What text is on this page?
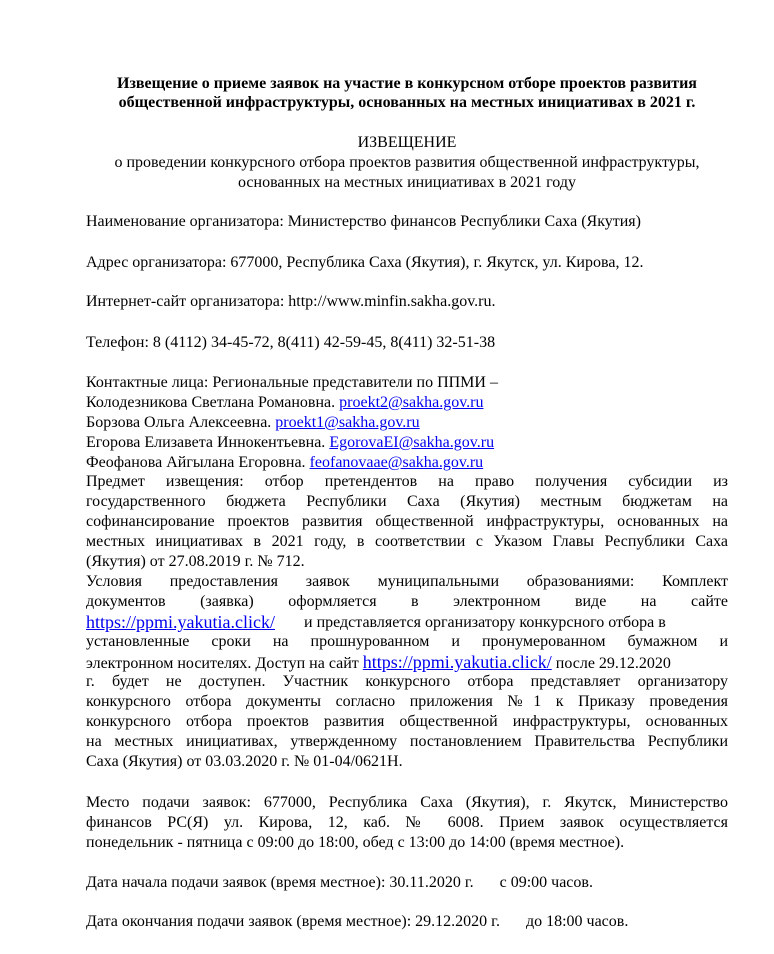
Извещение о приеме заявок на участие в конкурсном отборе проектов развития
общественной инфраструктуры, основанных на местных инициативах в 2021 г.
ИЗВЕЩЕНИЕ
о проведении конкурсного отбора проектов развития общественной инфраструктуры,
основанных на местных инициативах в 2021 году
Наименование организатора: Министерство финансов Республики Саха (Якутия)
Адрес организатора: 677000, Республика Саха (Якутия), г. Якутск, ул. Кирова, 12.
Интернет-сайт организатора: http://www.minfin.sakha.gov.ru.
Телефон: 8 (4112) 34-45-72, 8(411) 42-59-45, 8(411) 32-51-38
Контактные лица: Региональные представители по ППМИ –
Колодезникова Светлана Романовна. proekt2@sakha.gov.ru
Борзова Ольга Алексеевна. proekt1@sakha.gov.ru
Егорова Елизавета Иннокентьевна. EgorovaEI@sakha.gov.ru
Феофанова Айгылана Егоровна. feofanovaae@sakha.gov.ru
Предмет извещения: отбор претендентов на право получения субсидии из
государственного бюджета Республики Саха (Якутия) местным бюджетам на
софинансирование проектов развития общественной инфраструктуры, основанных на
местных инициативах в 2021 году, в соответствии с Указом Главы Республики Саха
(Якутия) от 27.08.2019 г. № 712.
Условия предоставления заявок муниципальными образованиями: Комплект
документов (заявка) оформляется в электронном виде на сайте
https://ppmi.yakutia.click/ и представляется организатору конкурсного отбора в
установленные сроки на прошнурованном и пронумерованном бумажном и
электронном носителях. Доступ на сайт https://ppmi.yakutia.click/ после 29.12.2020
г. будет не доступен. Участник конкурсного отбора представляет организатору
конкурсного отбора документы согласно приложения №1 к Приказу проведения
конкурсного отбора проектов развития общественной инфраструктуры, основанных
на местных инициативах, утвержденному постановлением Правительства Республики
Саха (Якутия) от 03.03.2020 г. № 01-04/0621Н.
Место подачи заявок: 677000, Республика Саха (Якутия), г. Якутск, Министерство
финансов РС(Я) ул. Кирова, 12, каб. № 6008. Прием заявок осуществляется
понедельник - пятница с 09:00 до 18:00, обед с 13:00 до 14:00 (время местное).
Дата начала подачи заявок (время местное): 30.11.2020 г. с 09:00 часов.
Дата окончания подачи заявок (время местное): 29.12.2020 г. до 18:00 часов.
